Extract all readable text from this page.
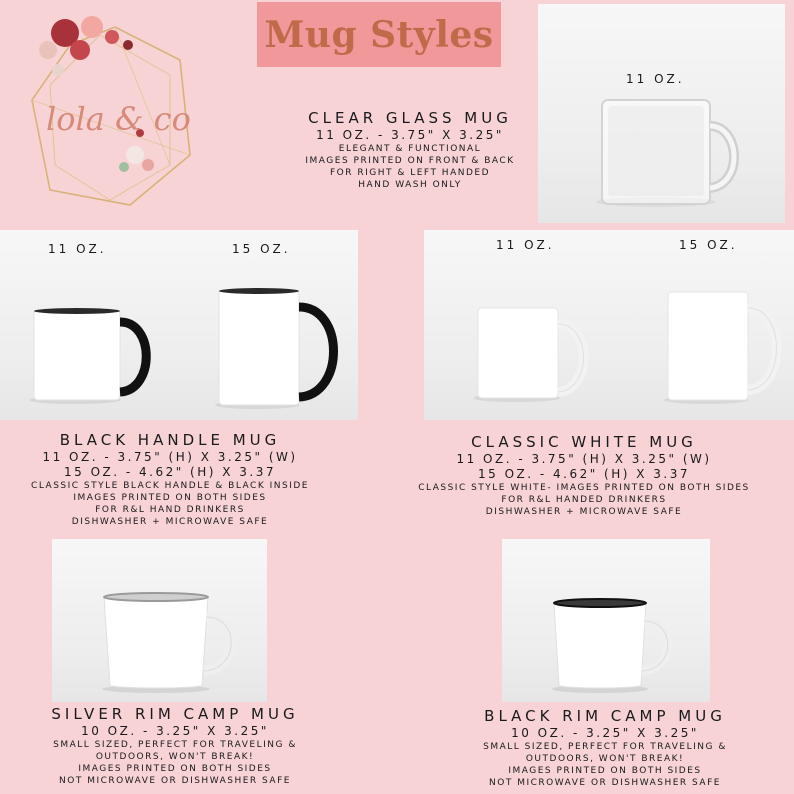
lola & co
Mug Styles
CLEAR GLASS MUG
11 OZ. - 3.75" X 3.25"
ELEGANT & FUNCTIONAL
IMAGES PRINTED ON FRONT & BACK
FOR RIGHT & LEFT HANDED
HAND WASH ONLY
11 OZ.
11 OZ.	15 OZ.	11 OZ.	15 OZ.
BLACK HANDLE MUG
11 OZ. - 3.75" (H) X 3.25" (W)
15 OZ. - 4.62" (H) X 3.37
CLASSIC STYLE BLACK HANDLE & BLACK INSIDE
IMAGES PRINTED ON BOTH SIDES
FOR R&L HAND DRINKERS
DISHWASHER + MICROWAVE SAFE
CLASSIC WHITE MUG
11 OZ. - 3.75" (H) X 3.25" (W)
15 OZ. - 4.62" (H) X 3.37
CLASSIC STYLE WHITE- IMAGES PRINTED ON BOTH SIDES
FOR R&L HANDED DRINKERS
DISHWASHER + MICROWAVE SAFE
SILVER RIM CAMP MUG
10 OZ. - 3.25" X 3.25"
SMALL SIZED, PERFECT FOR TRAVELING &
OUTDOORS, WON'T BREAK!
IMAGES PRINTED ON BOTH SIDES
NOT MICROWAVE OR DISHWASHER SAFE
BLACK RIM CAMP MUG
10 OZ. - 3.25" X 3.25"
SMALL SIZED, PERFECT FOR TRAVELING &
OUTDOORS, WON'T BREAK!
IMAGES PRINTED ON BOTH SIDES
NOT MICROWAVE OR DISHWASHER SAFE
